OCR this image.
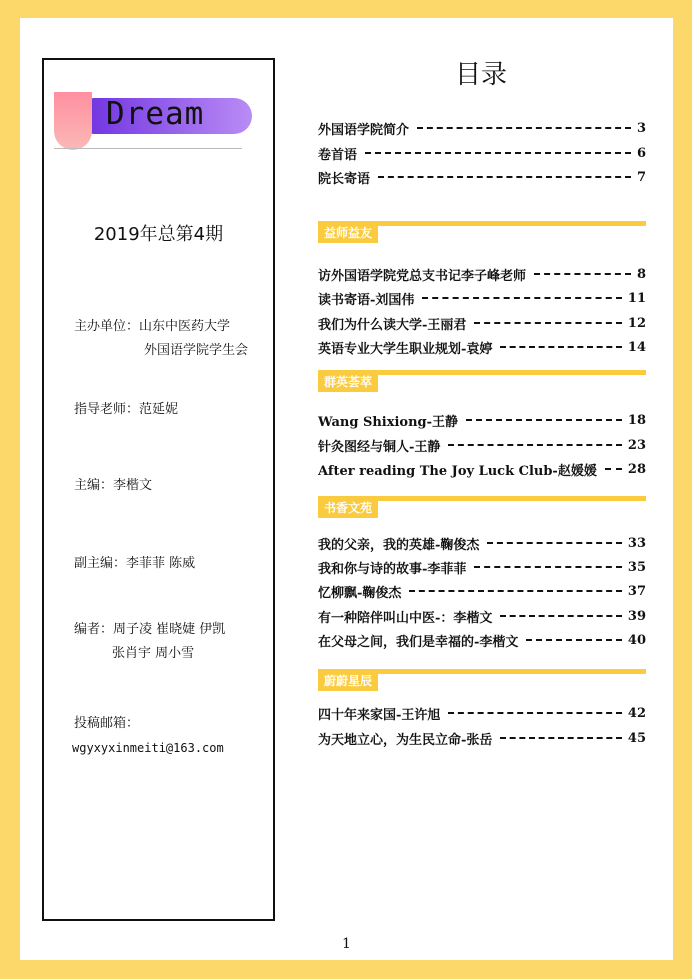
Dream
2019年总第4期
主办单位：山东中医药大学
外国语学院学生会
指导老师：范延妮
主编：李楷文
副主编：李菲菲 陈威
编者：周子凌 崔晓婕 伊凯
张肖宇 周小雪
投稿邮箱：
wgyxyxinmeiti@163.com
目录
外国语学院简介	3
卷首语	6
院长寄语	7
益师益友
访外国语学院党总支书记李子峰老师	8
读书寄语-刘国伟	11
我们为什么读大学-王丽君	12
英语专业大学生职业规划-袁婷	14
群英荟萃
Wang Shixiong-王静	18
针灸图经与铜人-王静	23
After reading The Joy Luck Club-赵媛媛 28
书香文苑
我的父亲，我的英雄-鞠俊杰	33
我和你与诗的故事-李菲菲	35
忆柳飘-鞠俊杰	37
有一种陪伴叫山中医-：李楷文	39
在父母之间，我们是幸福的-李楷文	40
蔚蔚星辰
四十年来家国-王许旭	42
为天地立心，为生民立命-张岳	45
1
